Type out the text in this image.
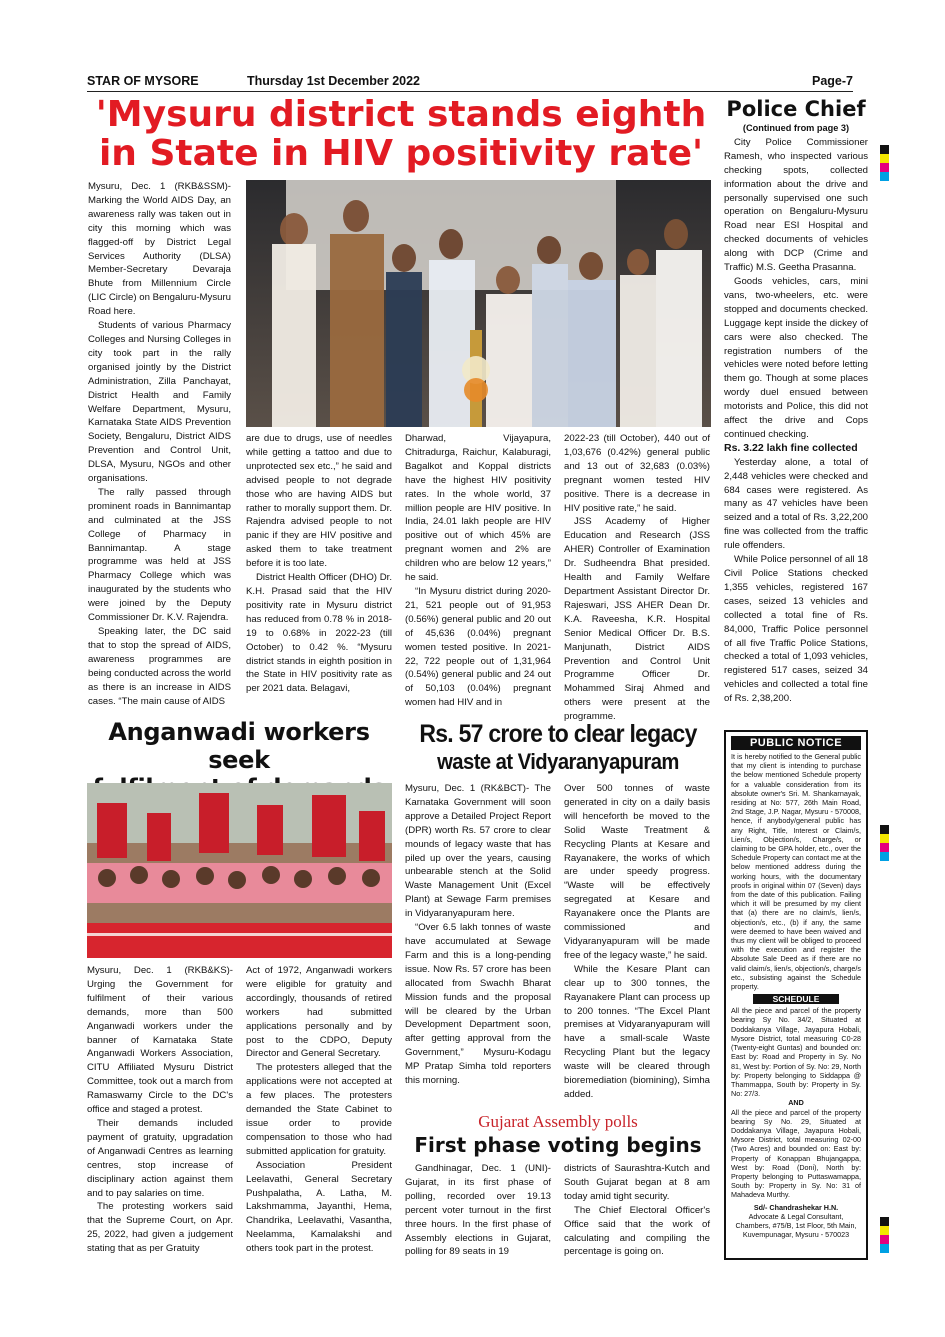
STAR OF MYSORE	Thursday 1st December 2022	Page-7
'Mysuru district stands eighth
in State in HIV positivity rate'

Mysuru, Dec. 1 (RKB&SSM)- Marking the World AIDS Day, an awareness rally was taken out in city this morning which was flagged-off by District Legal Services Authority (DLSA) Member-Secretary Devaraja Bhute from Millennium Circle (LIC Circle) on Bengaluru-Mysuru Road here.

Students of various Pharmacy Colleges and Nursing Colleges in city took part in the rally organised jointly by the District Administration, Zilla Panchayat, District Health and Family Welfare Department, Mysuru, Karnataka State AIDS Prevention Society, Bengaluru, District AIDS Prevention and Control Unit, DLSA, Mysuru, NGOs and other organisations.

The rally passed through prominent roads in Bannimantap and culminated at the JSS College of Pharmacy in Bannimantap. A stage programme was held at JSS Pharmacy College which was inaugurated by the students who were joined by the Deputy Commissioner Dr. K.V. Rajendra.

Speaking later, the DC said that to stop the spread of AIDS, awareness programmes are being conducted across the world as there is an increase in AIDS cases. “The main cause of AIDS

are due to drugs, use of needles while getting a tattoo and due to unprotected sex etc.,” he said and advised people to not degrade those who are having AIDS but rather to morally support them. Dr. Rajendra advised people to not panic if they are HIV positive and asked them to take treatment before it is too late.

District Health Officer (DHO) Dr. K.H. Prasad said that the HIV positivity rate in Mysuru district has reduced from 0.78 % in 2018-19 to 0.68% in 2022-23 (till October) to 0.42 %. “Mysuru district stands in eighth position in the State in HIV positivity rate as per 2021 data. Belagavi,

Dharwad, Vijayapura, Chitradurga, Raichur, Kalaburagi, Bagalkot and Koppal districts have the highest HIV positivity rates. In the whole world, 37 million people are HIV positive. In India, 24.01 lakh people are HIV positive out of which 45% are pregnant women and 2% are children who are below 12 years,” he said.

“In Mysuru district during 2020-21, 521 people out of 91,953 (0.56%) general public and 20 out of 45,636 (0.04%) pregnant women tested positive. In 2021-22, 722 people out of 1,31,964 (0.54%) general public and 24 out of 50,103 (0.04%) pregnant women had HIV and in

2022-23 (till October), 440 out of 1,03,676 (0.42%) general public and 13 out of 32,683 (0.03%) pregnant women tested HIV positive. There is a decrease in HIV positive rate,” he said.

JSS Academy of Higher Education and Research (JSS AHER) Controller of Examination Dr. Sudheendra Bhat presided. Health and Family Welfare Department Assistant Director Dr. Rajeswari, JSS AHER Dean Dr. K.A. Raveesha, K.R. Hospital Senior Medical Officer Dr. B.S. Manjunath, District AIDS Prevention and Control Unit Programme Officer Dr. Mohammed Siraj Ahmed and others were present at the programme.

Police Chief

(Continued from page 3)

City Police Commissioner Ramesh, who inspected various checking spots, collected information about the drive and personally supervised one such operation on Bengaluru-Mysuru Road near ESI Hospital and checked documents of vehicles along with DCP (Crime and Traffic) M.S. Geetha Prasanna.

Goods vehicles, cars, mini vans, two-wheelers, etc. were stopped and documents checked. Luggage kept inside the dickey of cars were also checked. The registration numbers of the vehicles were noted before letting them go. Though at some places wordy duel ensued between motorists and Police, this did not affect the drive and Cops continued checking.

Rs. 3.22 lakh fine collected

Yesterday alone, a total of 2,448 vehicles were checked and 684 cases were registered. As many as 47 vehicles have been seized and a total of Rs. 3,22,200 fine was collected from the traffic rule offenders.

While Police personnel of all 18 Civil Police Stations checked 1,355 vehicles, registered 167 cases, seized 13 vehicles and collected a total fine of Rs. 84,000, Traffic Police personnel of all five Traffic Police Stations, checked a total of 1,093 vehicles, registered 517 cases, seized 34 vehicles and collected a total fine of Rs. 2,38,200.

Anganwadi workers seek

Mysuru, Dec. 1 (RKB&KS)- Urging the Government for fulfilment of their various demands, more than 500 Anganwadi workers under the banner of Karnataka State Anganwadi Workers Association, CITU Affiliated Mysuru District Committee, took out a march from Ramaswamy Circle to the DC's office and staged a protest.

Their demands included payment of gratuity, upgradation of Anganwadi Centres as learning centres, stop increase of disciplinary action against them and to pay salaries on time.

The protesting workers said that the Supreme Court, on Apr. 25, 2022, had given a judgement stating that as per Gratuity

Act of 1972, Anganwadi workers were eligible for gratuity and accordingly, thousands of retired workers had submitted applications personally and by post to the CDPO, Deputy Director and General Secretary.

The protesters alleged that the applications were not accepted at a few places. The protesters demanded the State Cabinet to issue order to provide compensation to those who had submitted application for gratuity.

Association President Leelavathi, General Secretary Pushpalatha, A. Latha, M. Lakshmamma, Jayanthi, Hema, Chandrika, Leelavathi, Vasantha, Neelamma, Kamalakshi and others took part in the protest.

Rs. 57 crore to clear legacy
waste at Vidyaranyapuram

Mysuru, Dec. 1 (RK&BCT)- The Karnataka Government will soon approve a Detailed Project Report (DPR) worth Rs. 57 crore to clear mounds of legacy waste that has piled up over the years, causing unbearable stench at the Solid Waste Management Unit (Excel Plant) at Sewage Farm premises in Vidyaranyapuram here.

“Over 6.5 lakh tonnes of waste have accumulated at Sewage Farm and this is a long-pending issue. Now Rs. 57 crore has been allocated from Swachh Bharat Mission funds and the proposal will be cleared by the Urban Development Department soon, after getting approval from the Government,” Mysuru-Kodagu MP Pratap Simha told reporters this morning.

Over 500 tonnes of waste generated in city on a daily basis will henceforth be moved to the Solid Waste Treatment & Recycling Plants at Kesare and Rayanakere, the works of which are under speedy progress. “Waste will be effectively segregated at Kesare and Rayanakere once the Plants are commissioned and Vidyaranyapuram will be made free of the legacy waste,” he said.

While the Kesare Plant can clear up to 300 tonnes, the Rayanakere Plant can process up to 200 tonnes. “The Excel Plant premises at Vidyaranyapuram will have a small-scale Waste Recycling Plant but the legacy waste will be cleared through bioremediation (biomining), Simha added.

Gujarat Assembly polls
First phase voting begins

Gandhinagar, Dec. 1 (UNI)- Gujarat, in its first phase of polling, recorded over 19.13 percent voter turnout in the first three hours. In the first phase of Assembly elections in Gujarat, polling for 89 seats in 19

districts of Saurashtra-Kutch and South Gujarat began at 8 am today amid tight security.

The Chief Electoral Officer's Office said that the work of calculating and compiling the percentage is going on.

PUBLIC NOTICE

It is hereby notified to the General public that my client is intending to purchase the below mentioned Schedule property for a valuable consideration from its absolute owner's Sri. M. Shankarnayak, residing at No: 577, 26th Main Road, 2nd Stage, J.P. Nagar, Mysuru - 570008, hence, if anybody/general public has any Right, Title, Interest or Claim/s, Lien/s, Objection/s, Charge/s, or claiming to be GPA holder, etc., over the Schedule Property can contact me at the below mentioned address during the working hours, with the documentary proofs in original within 07 (Seven) days from the date of this publication. Failing which it will be presumed by my client that (a) there are no claim/s, lien/s, objection/s, etc., (b) if any, the same were deemed to have been waived and thus my client will be obliged to proceed with the execution and register the Absolute Sale Deed as if there are no valid claim/s, lien/s, objection/s, charge/s etc., subsisting against the Schedule property.

SCHEDULE

All the piece and parcel of the property bearing Sy No. 34/2, Situated at Doddakanya Village, Jayapura Hobali, Mysore District, total measuring C0-28 (Twenty-eight Guntas) and bounded on: East by: Road and Property in Sy. No 81, West by: Portion of Sy. No: 29, North by: Property belonging to Siddappa @ Thammappa, South by: Property in Sy. No: 27/3.

AND

All the piece and parcel of the property bearing Sy No. 29, Situated at Doddakanya Village, Jayapura Hobali, Mysore District, total measuring 02-00 (Two Acres) and bounded on: East by: Property of Konappan Bhujangappa, West by: Road (Doni), North by: Property belonging to Puttaswamappa, South by: Property in Sy. No: 31 of Mahadeva Murthy.

Sd/- Chandrashekar H.N.
Advocate & Legal Consultant,
Chambers, #75/B, 1st Floor, 5th Main,
Kuvempunagar, Mysuru - 570023
